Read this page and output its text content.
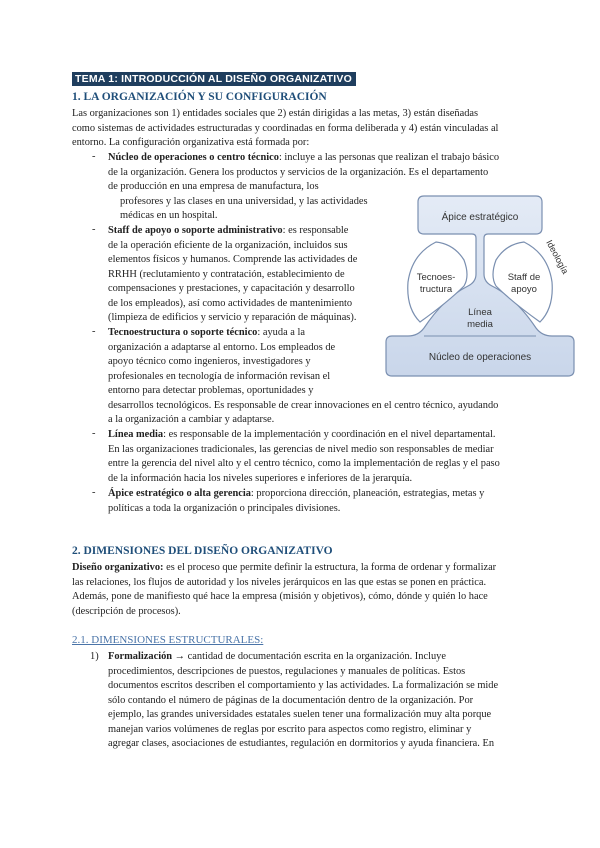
TEMA 1: INTRODUCCIÓN AL DISEÑO ORGANIZATIVO
1. LA ORGANIZACIÓN Y SU CONFIGURACIÓN
Las organizaciones son 1) entidades sociales que 2) están dirigidas a las metas, 3) están diseñadas
como sistemas de actividades estructuradas y coordinadas en forma deliberada y 4) están vinculadas al
entorno. La configuración organizativa está formada por:
- Núcleo de operaciones o centro técnico: incluye a las personas que realizan el trabajo básico
de la organización. Genera los productos y servicios de la organización. Es el departamento
de producción en una empresa de manufactura, los
profesores y las clases en una universidad, y las actividades
médicas en un hospital.
- Staff de apoyo o soporte administrativo: es responsable
de la operación eficiente de la organización, incluidos sus
elementos físicos y humanos. Comprende las actividades de
RRHH (reclutamiento y contratación, establecimiento de
compensaciones y prestaciones, y capacitación y desarrollo
de los empleados), así como actividades de mantenimiento
(limpieza de edificios y servicio y reparación de máquinas).
- Tecnoestructura o soporte técnico: ayuda a la
organización a adaptarse al entorno. Los empleados de
apoyo técnico como ingenieros, investigadores y
profesionales en tecnología de información revisan el
entorno para detectar problemas, oportunidades y
desarrollos tecnológicos. Es responsable de crear innovaciones en el centro técnico, ayudando
a la organización a cambiar y adaptarse.
- Línea media: es responsable de la implementación y coordinación en el nivel departamental.
En las organizaciones tradicionales, las gerencias de nivel medio son responsables de mediar
entre la gerencia del nivel alto y el centro técnico, como la implementación de reglas y el paso
de la información hacia los niveles superiores e inferiores de la jerarquía.
- Ápice estratégico o alta gerencia: proporciona dirección, planeación, estrategias, metas y
políticas a toda la organización o principales divisiones.
Ápice estratégico
Tecnoes-
tructura
Staff de
apoyo
Línea
media
Núcleo de operaciones
Ideología
2. DIMENSIONES DEL DISEÑO ORGANIZATIVO
Diseño organizativo: es el proceso que permite definir la estructura, la forma de ordenar y formalizar
las relaciones, los flujos de autoridad y los niveles jerárquicos en las que estas se ponen en práctica.
Además, pone de manifiesto qué hace la empresa (misión y objetivos), cómo, dónde y quién lo hace
(descripción de procesos).
2.1. DIMENSIONES ESTRUCTURALES:
1) Formalización → cantidad de documentación escrita en la organización. Incluye
procedimientos, descripciones de puestos, regulaciones y manuales de políticas. Estos
documentos escritos describen el comportamiento y las actividades. La formalización se mide
sólo contando el número de páginas de la documentación dentro de la organización. Por
ejemplo, las grandes universidades estatales suelen tener una formalización muy alta porque
manejan varios volúmenes de reglas por escrito para aspectos como registro, eliminar y
agregar clases, asociaciones de estudiantes, regulación en dormitorios y ayuda financiera. En
